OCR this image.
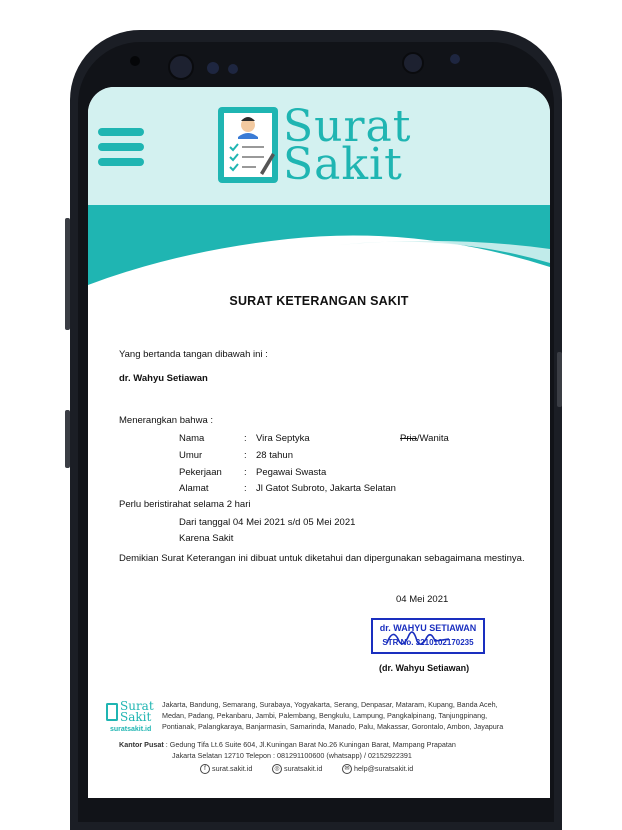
Surat
Sakit
SURAT KETERANGAN SAKIT
Yang bertanda tangan dibawah ini :
dr. Wahyu Setiawan
Menerangkan bahwa :
Nama	: Vira Septyka	Pria/Wanita
Umur	: 28 tahun
Pekerjaan : Pegawai Swasta
Alamat	: Jl Gatot Subroto, Jakarta Selatan
Perlu beristirahat selama 2 hari
Dari tanggal 04 Mei 2021 s/d 05 Mei 2021
Karena Sakit
Demikian Surat Keterangan ini dibuat untuk diketahui dan dipergunakan sebagaimana mestinya.
04 Mei 2021
dr. WAHYU SETIAWAN
STR No. 3210102170235
(dr. Wahyu Setiawan)
Surat
Sakit
suratsakit.id
Jakarta, Bandung, Semarang, Surabaya, Yogyakarta, Serang, Denpasar, Mataram, Kupang, Banda Aceh,
Medan, Padang, Pekanbaru, Jambi, Palembang, Bengkulu, Lampung, Pangkalpinang, Tanjungpinang,
Pontianak, Palangkaraya, Banjarmasin, Samarinda, Manado, Palu, Makassar, Gorontalo, Ambon, Jayapura
Kantor Pusat : Gedung Tifa Lt.6 Suite 604, Jl.Kuningan Barat No.26 Kuningan Barat, Mampang Prapatan
Jakarta Selatan 12710 Telepon : 081291100600 (whatsapp) / 02152922391
f surat.sakit.id	◎ suratsakit.id	✉ help@suratsakit.id
